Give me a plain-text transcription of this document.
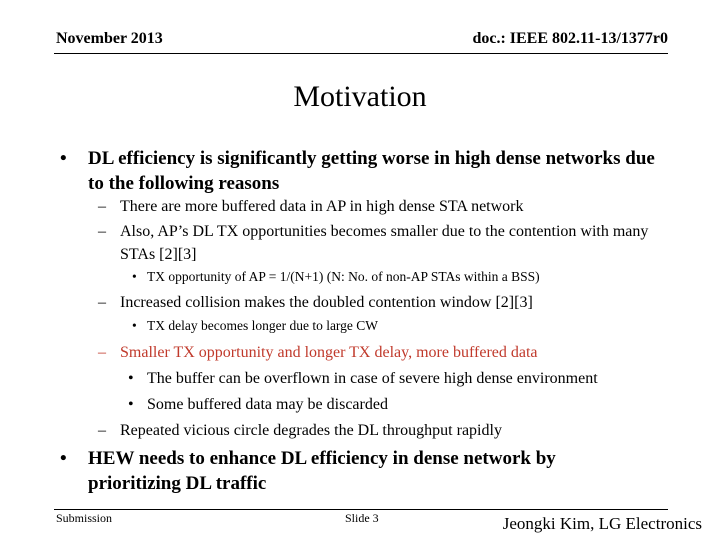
November 2013	doc.: IEEE 802.11-13/1377r0
Motivation
• DL efficiency is significantly getting worse in high dense networks due to the following reasons
– There are more buffered data in AP in high dense STA network
– Also, AP’s DL TX opportunities becomes smaller due to the contention with many STAs [2][3]
• TX opportunity of AP = 1/(N+1) (N: No. of non-AP STAs within a BSS)
– Increased collision makes the doubled contention window [2][3]
• TX delay becomes longer due to large CW
– Smaller TX opportunity and longer TX delay, more buffered data
• The buffer can be overflown in case of severe high dense environment
• Some buffered data may be discarded
– Repeated vicious circle degrades the DL throughput rapidly
• HEW needs to enhance DL efficiency in dense network by prioritizing DL traffic
Submission	Slide 3	Jeongki Kim, LG Electronics
